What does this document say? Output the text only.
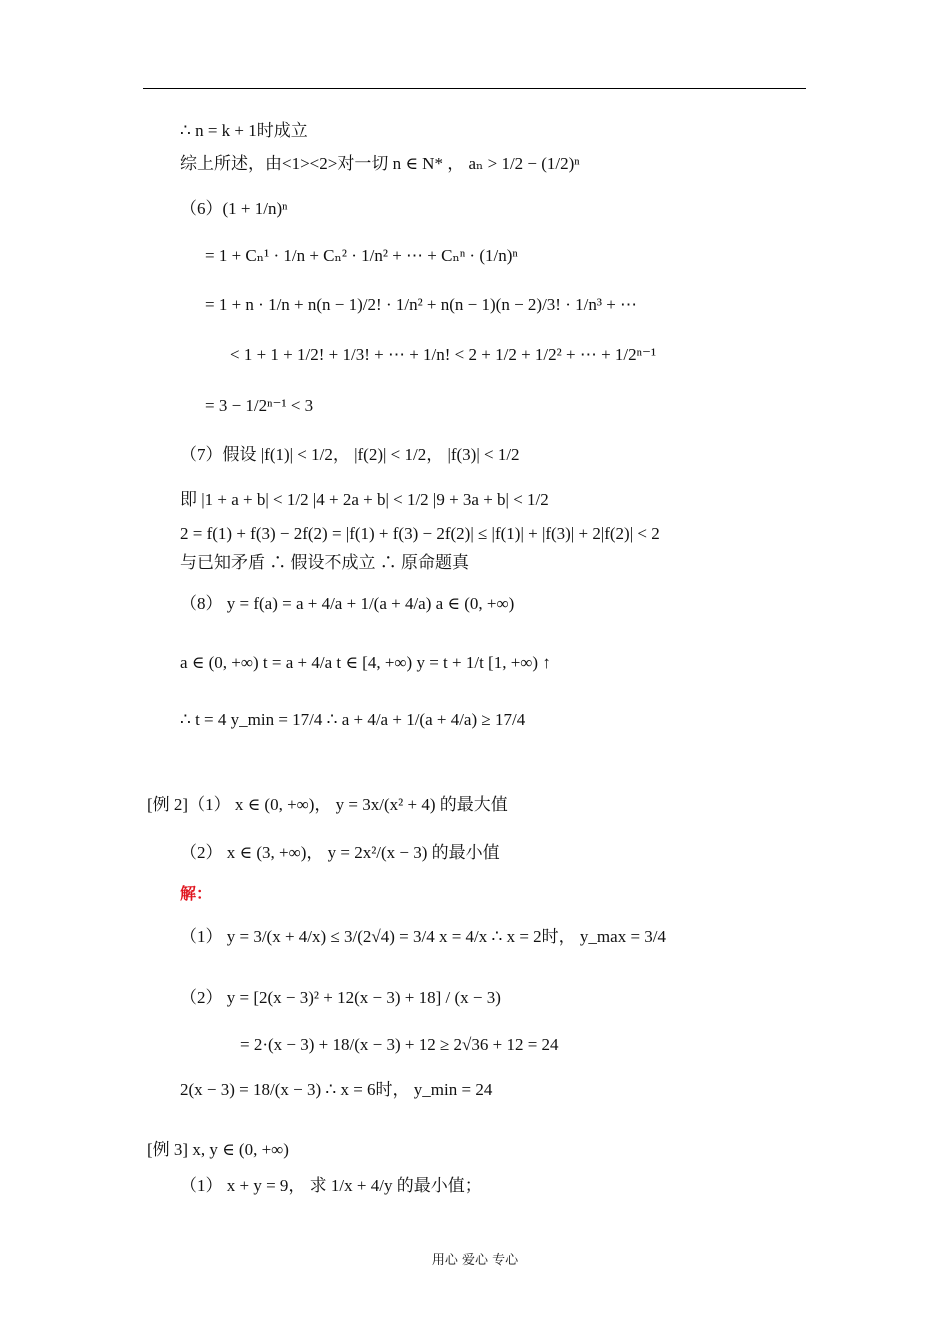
∴ n = k + 1时成立
综上所述，由<1><2>对一切 n ∈ N* ， aₙ > 1/2 − (1/2)ⁿ
（6）(1 + 1/n)ⁿ
= 1 + Cₙ¹ · 1/n + Cₙ² · 1/n² + ⋯ + Cₙⁿ · (1/n)ⁿ
= 1 + n · 1/n + n(n − 1)/2! · 1/n² + n(n − 1)(n − 2)/3! · 1/n³ + ⋯
< 1 + 1 + 1/2! + 1/3! + ⋯ + 1/n! < 2 + 1/2 + 1/2² + ⋯ + 1/2ⁿ⁻¹
= 3 − 1/2ⁿ⁻¹ < 3
（7）假设 |f(1)| < 1/2， |f(2)| < 1/2， |f(3)| < 1/2
即 |1 + a + b| < 1/2 |4 + 2a + b| < 1/2 |9 + 3a + b| < 1/2
2 = f(1) + f(3) − 2f(2) = |f(1) + f(3) − 2f(2)| ≤ |f(1)| + |f(3)| + 2|f(2)| < 2
与已知矛盾 ∴ 假设不成立 ∴ 原命题真
（8） y = f(a) = a + 4/a + 1/(a + 4/a) a ∈ (0, +∞)
a ∈ (0, +∞) t = a + 4/a t ∈ [4, +∞) y = t + 1/t [1, +∞) ↑
∴ t = 4 y_min = 17/4 ∴ a + 4/a + 1/(a + 4/a) ≥ 17/4
[例 2]（1） x ∈ (0, +∞)， y = 3x/(x² + 4) 的最大值
（2） x ∈ (3, +∞)， y = 2x²/(x − 3) 的最小值
解：
（1） y = 3/(x + 4/x) ≤ 3/(2√4) = 3/4 x = 4/x ∴ x = 2时， y_max = 3/4
（2） y = [2(x − 3)² + 12(x − 3) + 18] / (x − 3)
= 2·(x − 3) + 18/(x − 3) + 12 ≥ 2√36 + 12 = 24
2(x − 3) = 18/(x − 3) ∴ x = 6时， y_min = 24
[例 3] x, y ∈ (0, +∞)
（1） x + y = 9， 求 1/x + 4/y 的最小值；
用心 爱心 专心
